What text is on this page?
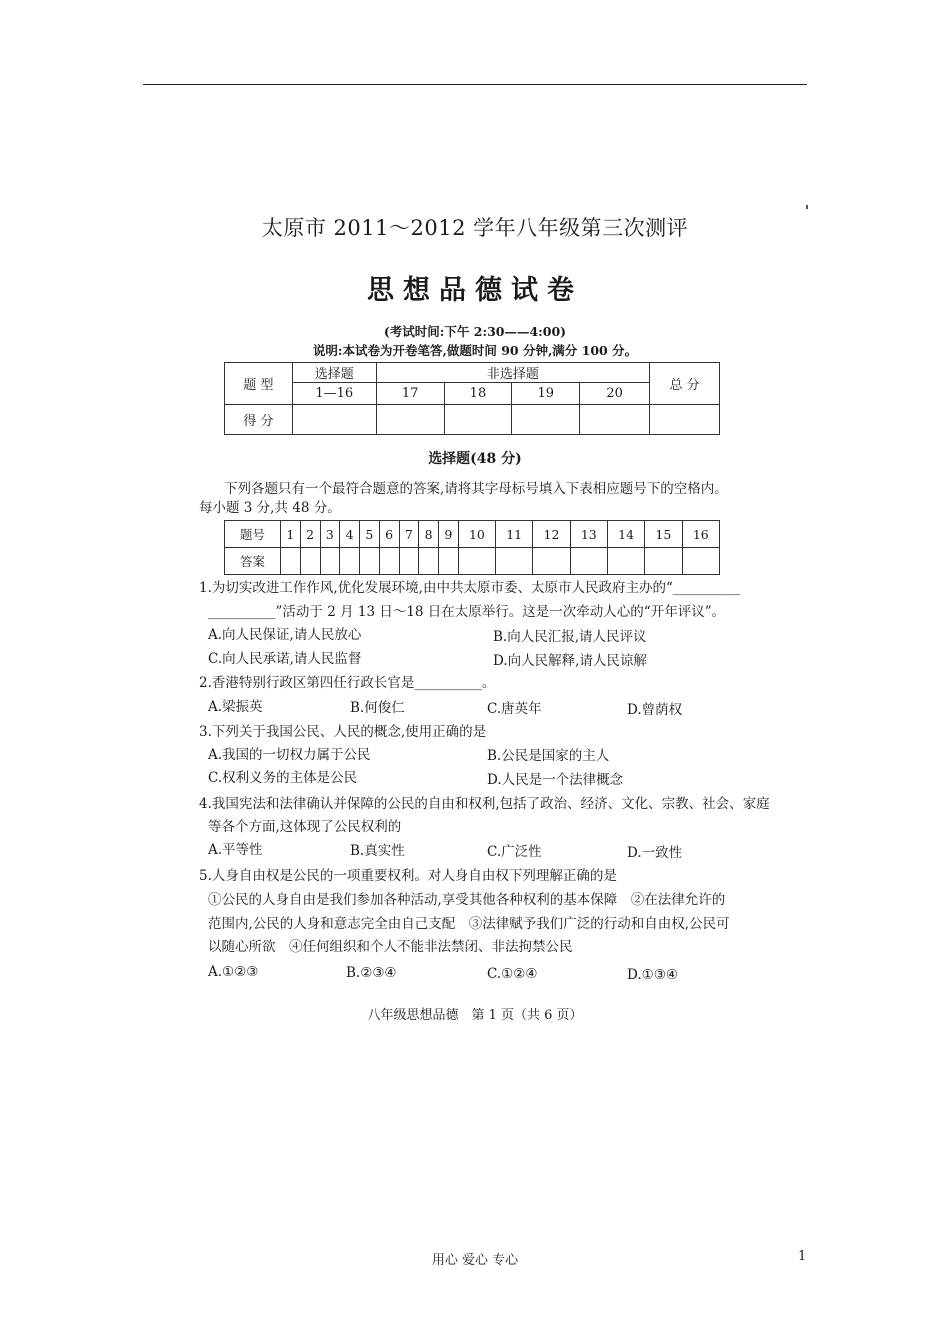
太原市 2011～2012 学年八年级第三次测评
思想品德试卷
(考试时间:下午 2:30——4:00)
说明:本试卷为开卷笔答,做题时间 90 分钟,满分 100 分。
题 型	选择题	非选择题				总 分
	1—16	17	18	19	20	
得 分						
选择题(48 分)
下列各题只有一个最符合题意的答案,请将其字母标号填入下表相应题号下的空格内。
每小题 3 分,共 48 分。
题号	1	2	3	4	5	6	7	8	9	10	11	12	13	14	15	16
答案																
1.为切实改进工作作风,优化发展环境,由中共太原市委、太原市人民政府主办的“__________
__________”活动于 2 月 13 日～18 日在太原举行。这是一次牵动人心的“开年评议”。
A.向人民保证,请人民放心	B.向人民汇报,请人民评议
C.向人民承诺,请人民监督	D.向人民解释,请人民谅解
2.香港特别行政区第四任行政长官是__________。
A.梁振英	B.何俊仁	C.唐英年	D.曾荫权
3.下列关于我国公民、人民的概念,使用正确的是
A.我国的一切权力属于公民	B.公民是国家的主人
C.权利义务的主体是公民	D.人民是一个法律概念
4.我国宪法和法律确认并保障的公民的自由和权利,包括了政治、经济、文化、宗教、社会、家庭
等各个方面,这体现了公民权利的
A.平等性	B.真实性	C.广泛性	D.一致性
5.人身自由权是公民的一项重要权利。对人身自由权下列理解正确的是
①公民的人身自由是我们参加各种活动,享受其他各种权利的基本保障　②在法律允许的
范围内,公民的人身和意志完全由自己支配　③法律赋予我们广泛的行动和自由权,公民可
以随心所欲　④任何组织和个人不能非法禁闭、非法拘禁公民
A.①②③	B.②③④	C.①②④	D.①③④
八年级思想品德　第 1 页（共 6 页）
用心 爱心 专心	1
